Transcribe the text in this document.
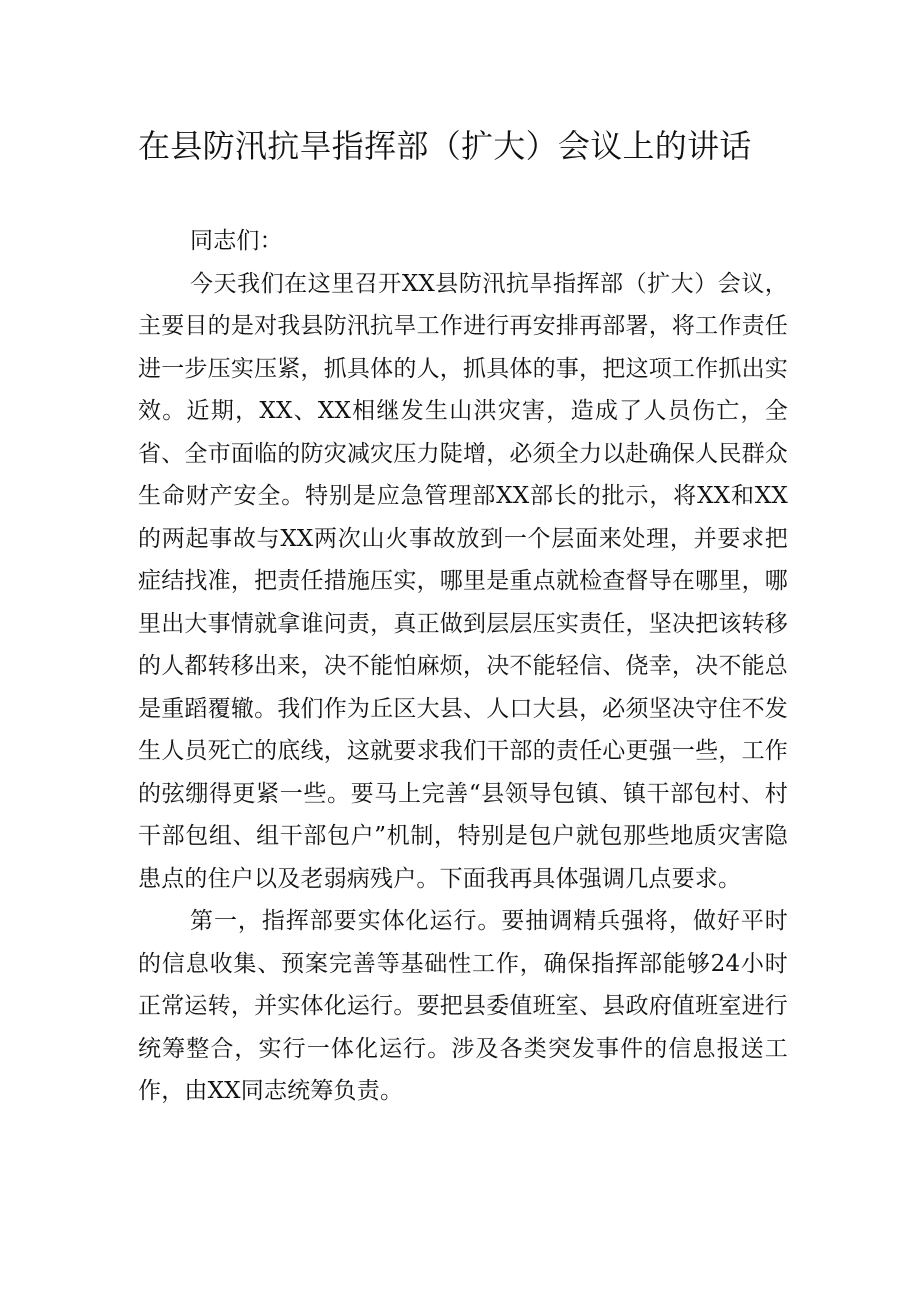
在县防汛抗旱指挥部（扩大）会议上的讲话

同志们：

今天我们在这里召开XX县防汛抗旱指挥部（扩大）会议，主要目的是对我县防汛抗旱工作进行再安排再部署，将工作责任进一步压实压紧，抓具体的人，抓具体的事，把这项工作抓出实效。近期，XX、XX相继发生山洪灾害，造成了人员伤亡，全省、全市面临的防灾减灾压力陡增，必须全力以赴确保人民群众生命财产安全。特别是应急管理部XX部长的批示，将XX和XX的两起事故与XX两次山火事故放到一个层面来处理，并要求把症结找准，把责任措施压实，哪里是重点就检查督导在哪里，哪里出大事情就拿谁问责，真正做到层层压实责任，坚决把该转移的人都转移出来，决不能怕麻烦，决不能轻信、侥幸，决不能总是重蹈覆辙。我们作为丘区大县、人口大县，必须坚决守住不发生人员死亡的底线，这就要求我们干部的责任心更强一些，工作的弦绷得更紧一些。要马上完善“县领导包镇、镇干部包村、村干部包组、组干部包户”机制，特别是包户就包那些地质灾害隐患点的住户以及老弱病残户。下面我再具体强调几点要求。

第一，指挥部要实体化运行。要抽调精兵强将，做好平时的信息收集、预案完善等基础性工作，确保指挥部能够24小时正常运转，并实体化运行。要把县委值班室、县政府值班室进行统筹整合，实行一体化运行。涉及各类突发事件的信息报送工作，由XX同志统筹负责。
